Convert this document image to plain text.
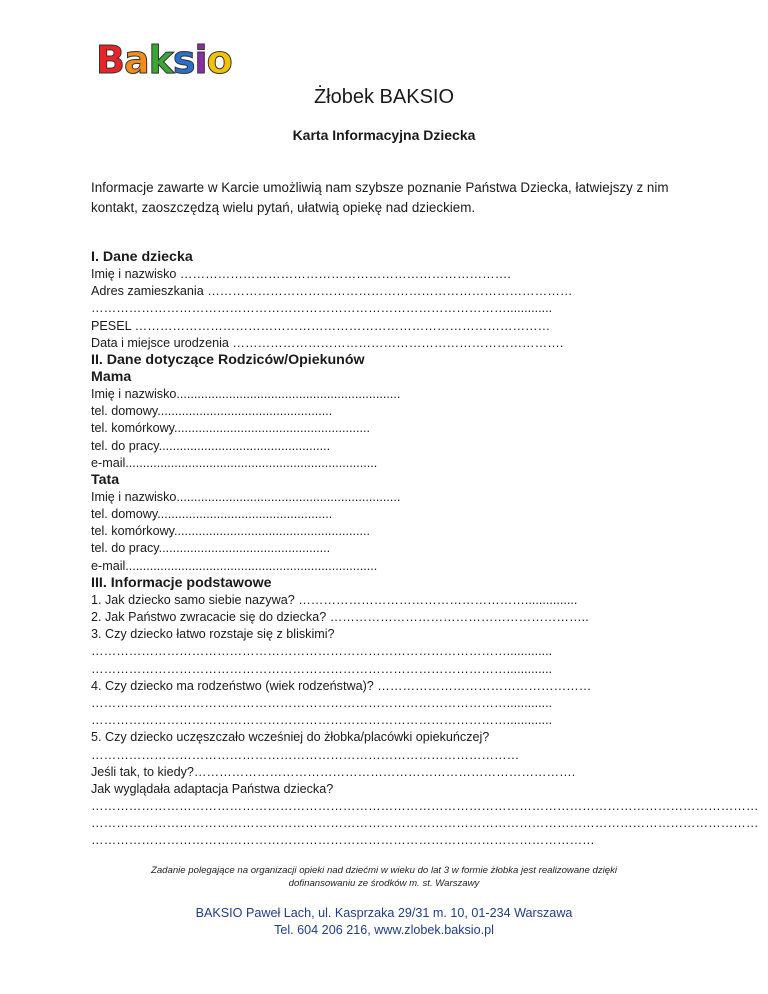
B a k s i o
Żłobek BAKSIO
Karta Informacyjna Dziecka
Informacje zawarte w Karcie umożliwią nam szybsze poznanie Państwa Dziecka, łatwiejszy z nim kontakt, zaoszczędzą wielu pytań, ułatwią opiekę nad dzieckiem.
I. Dane dziecka
Imię i nazwisko …………………………………………………………………….
Adres zamieszkania ……………………………………………………………………………
……………………………………………………………………………………….............
PESEL ………………………………………………………………………………………
Data i miejsce urodzenia …………………………………………………………………….
II. Dane dotyczące Rodziców/Opiekunów
Mama
Imię i nazwisko................................................................
tel. domowy..................................................
tel. komórkowy........................................................
tel. do pracy.................................................
e-mail........................................................................
Tata
Imię i nazwisko................................................................
tel. domowy..................................................
tel. komórkowy........................................................
tel. do pracy.................................................
e-mail........................................................................
III. Informacje podstawowe
1. Jak dziecko samo siebie nazywa? ………………………………………………...............
2. Jak Państwo zwracacie się do dziecka? ……………………………………………………..
3. Czy dziecko łatwo rozstaje się z bliskimi?
……………………………………………………………………………………….............
……………………………………………………………………………………….............
4. Czy dziecko ma rodzeństwo (wiek rodzeństwa)? ……………………………………………
……………………………………………………………………………………….............
……………………………………………………………………………………….............
5. Czy dziecko uczęszczało wcześniej do żłobka/placówki opiekuńczej?
…………………………………………………………………………………………
Jeśli tak, to kiedy?……………………………………………………………………………….
Jak wyglądała adaptacja Państwa dziecka?
……………………………………………………………………………………………………………………………………………
……………………………………………………………………………………………………………………………………………
…………………………………………………………………………………………………………
Zadanie polegające na organizacji opieki nad dziećmi w wieku do lat 3 w formie żłobka jest realizowane dzięki
dofinansowaniu ze środków m. st. Warszawy
BAKSIO Paweł Lach, ul. Kasprzaka 29/31 m. 10, 01-234 Warszawa
Tel. 604 206 216, www.zlobek.baksio.pl
